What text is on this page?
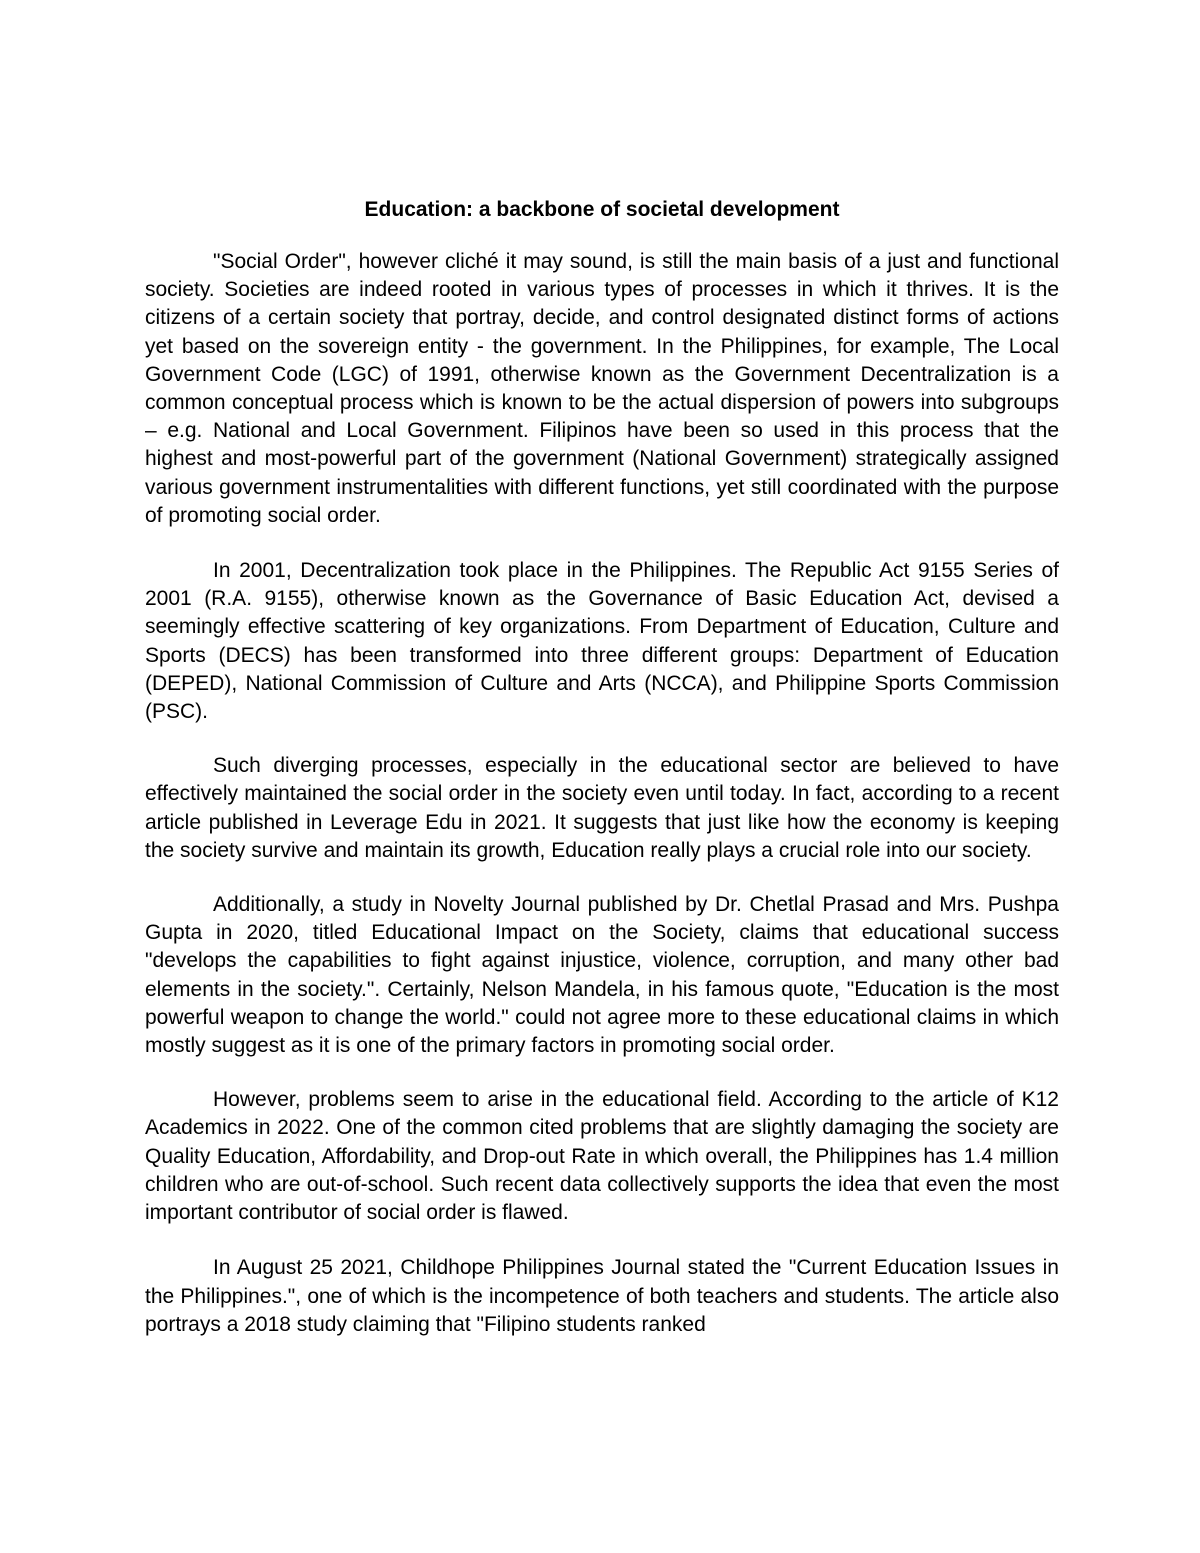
Education: a backbone of societal development

"Social Order", however cliché it may sound, is still the main basis of a just and functional society. Societies are indeed rooted in various types of processes in which it thrives. It is the citizens of a certain society that portray, decide, and control designated distinct forms of actions yet based on the sovereign entity - the government. In the Philippines, for example, The Local Government Code (LGC) of 1991, otherwise known as the Government Decentralization is a common conceptual process which is known to be the actual dispersion of powers into subgroups – e.g. National and Local Government. Filipinos have been so used in this process that the highest and most-powerful part of the government (National Government) strategically assigned various government instrumentalities with different functions, yet still coordinated with the purpose of promoting social order.

In 2001, Decentralization took place in the Philippines. The Republic Act 9155 Series of 2001 (R.A. 9155), otherwise known as the Governance of Basic Education Act, devised a seemingly effective scattering of key organizations. From Department of Education, Culture and Sports (DECS) has been transformed into three different groups: Department of Education (DEPED), National Commission of Culture and Arts (NCCA), and Philippine Sports Commission (PSC).

Such diverging processes, especially in the educational sector are believed to have effectively maintained the social order in the society even until today. In fact, according to a recent article published in Leverage Edu in 2021. It suggests that just like how the economy is keeping the society survive and maintain its growth, Education really plays a crucial role into our society.

Additionally, a study in Novelty Journal published by Dr. Chetlal Prasad and Mrs. Pushpa Gupta in 2020, titled Educational Impact on the Society, claims that educational success "develops the capabilities to fight against injustice, violence, corruption, and many other bad elements in the society.". Certainly, Nelson Mandela, in his famous quote, "Education is the most powerful weapon to change the world." could not agree more to these educational claims in which mostly suggest as it is one of the primary factors in promoting social order.

However, problems seem to arise in the educational field. According to the article of K12 Academics in 2022. One of the common cited problems that are slightly damaging the society are Quality Education, Affordability, and Drop-out Rate in which overall, the Philippines has 1.4 million children who are out-of-school. Such recent data collectively supports the idea that even the most important contributor of social order is flawed.

In August 25 2021, Childhope Philippines Journal stated the "Current Education Issues in the Philippines.", one of which is the incompetence of both teachers and students. The article also portrays a 2018 study claiming that "Filipino students ranked
